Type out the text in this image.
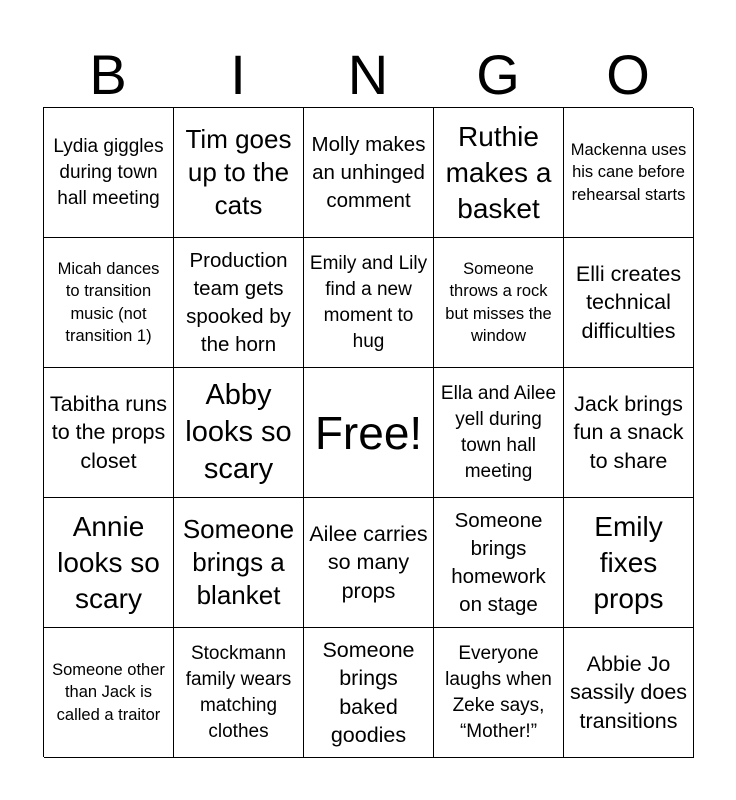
B	I	N	G	O
Lydia giggles during town hall meeting
Tim goes up to the cats
Molly makes an unhinged comment
Ruthie makes a basket
Mackenna uses his cane before rehearsal starts
Micah dances to transition music (not transition 1)
Production team gets spooked by the horn
Emily and Lily find a new moment to hug
Someone throws a rock but misses the window
Elli creates technical difficulties
Tabitha runs to the props closet
Abby looks so scary
Free!
Ella and Ailee yell during town hall meeting
Jack brings fun a snack to share
Annie looks so scary
Someone brings a blanket
Ailee carries so many props
Someone brings homework on stage
Emily fixes props
Someone other than Jack is called a traitor
Stockmann family wears matching clothes
Someone brings baked goodies
Everyone laughs when Zeke says, “Mother!”
Abbie Jo sassily does transitions
